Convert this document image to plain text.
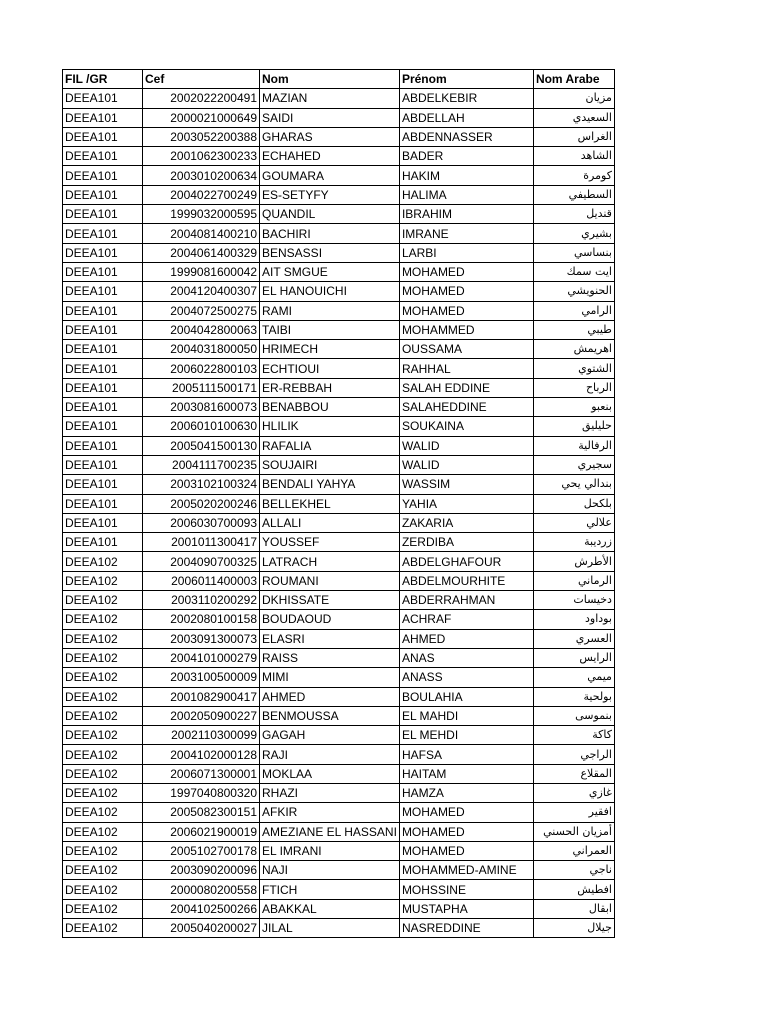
FIL /GR	Cef	Nom	Prénom	Nom Arabe
DEEA101	2002022200491	MAZIAN	ABDELKEBIR	مزيان
DEEA101	2000021000649	SAIDI	ABDELLAH	السعيدي
DEEA101	2003052200388	GHARAS	ABDENNASSER	الغراس
DEEA101	2001062300233	ECHAHED	BADER	الشاهد
DEEA101	2003010200634	GOUMARA	HAKIM	كومرة
DEEA101	2004022700249	ES-SETYFY	HALIMA	السطيفي
DEEA101	1999032000595	QUANDIL	IBRAHIM	قنديل
DEEA101	2004081400210	BACHIRI	IMRANE	بشيري
DEEA101	2004061400329	BENSASSI	LARBI	بنساسي
DEEA101	1999081600042	AIT SMGUE	MOHAMED	ايت سمك
DEEA101	2004120400307	EL HANOUICHI	MOHAMED	الحنويشي
DEEA101	2004072500275	RAMI	MOHAMED	الرامي
DEEA101	2004042800063	TAIBI	MOHAMMED	طيبي
DEEA101	2004031800050	HRIMECH	OUSSAMA	اهريمش
DEEA101	2006022800103	ECHTIOUI	RAHHAL	الشتوي
DEEA101	2005111500171	ER-REBBAH	SALAH EDDINE	الرباح
DEEA101	2003081600073	BENABBOU	SALAHEDDINE	بنعبو
DEEA101	2006010100630	HLILIK	SOUKAINA	حليليق
DEEA101	2005041500130	RAFALIA	WALID	الرفالية
DEEA101	2004111700235	SOUJAIRI	WALID	سجيري
DEEA101	2003102100324	BENDALI YAHYA	WASSIM	بندالي يحي
DEEA101	2005020200246	BELLEKHEL	YAHIA	بلكحل
DEEA101	2006030700093	ALLALI	ZAKARIA	علالي
DEEA101	2001011300417	YOUSSEF	ZERDIBA	زرديبة
DEEA102	2004090700325	LATRACH	ABDELGHAFOUR	الأطرش
DEEA102	2006011400003	ROUMANI	ABDELMOURHITE	الرماني
DEEA102	2003110200292	DKHISSATE	ABDERRAHMAN	دخيسات
DEEA102	2002080100158	BOUDAOUD	ACHRAF	بوداود
DEEA102	2003091300073	ELASRI	AHMED	العسري
DEEA102	2004101000279	RAISS	ANAS	الرايس
DEEA102	2003100500009	MIMI	ANASS	ميمي
DEEA102	2001082900417	AHMED	BOULAHIA	بولحية
DEEA102	2002050900227	BENMOUSSA	EL MAHDI	بنموسى
DEEA102	2002110300099	GAGAH	EL MEHDI	كاكة
DEEA102	2004102000128	RAJI	HAFSA	الراجي
DEEA102	2006071300001	MOKLAA	HAITAM	المقلاع
DEEA102	1997040800320	RHAZI	HAMZA	غازي
DEEA102	2005082300151	AFKIR	MOHAMED	افقير
DEEA102	2006021900019	AMEZIANE EL HASSANI	MOHAMED	أمزيان الحسني
DEEA102	2005102700178	EL IMRANI	MOHAMED	العمراني
DEEA102	2003090200096	NAJI	MOHAMMED-AMINE	ناجي
DEEA102	2000080200558	FTICH	MOHSSINE	افطيش
DEEA102	2004102500266	ABAKKAL	MUSTAPHA	ابقال
DEEA102	2005040200027	JILAL	NASREDDINE	جيلال
